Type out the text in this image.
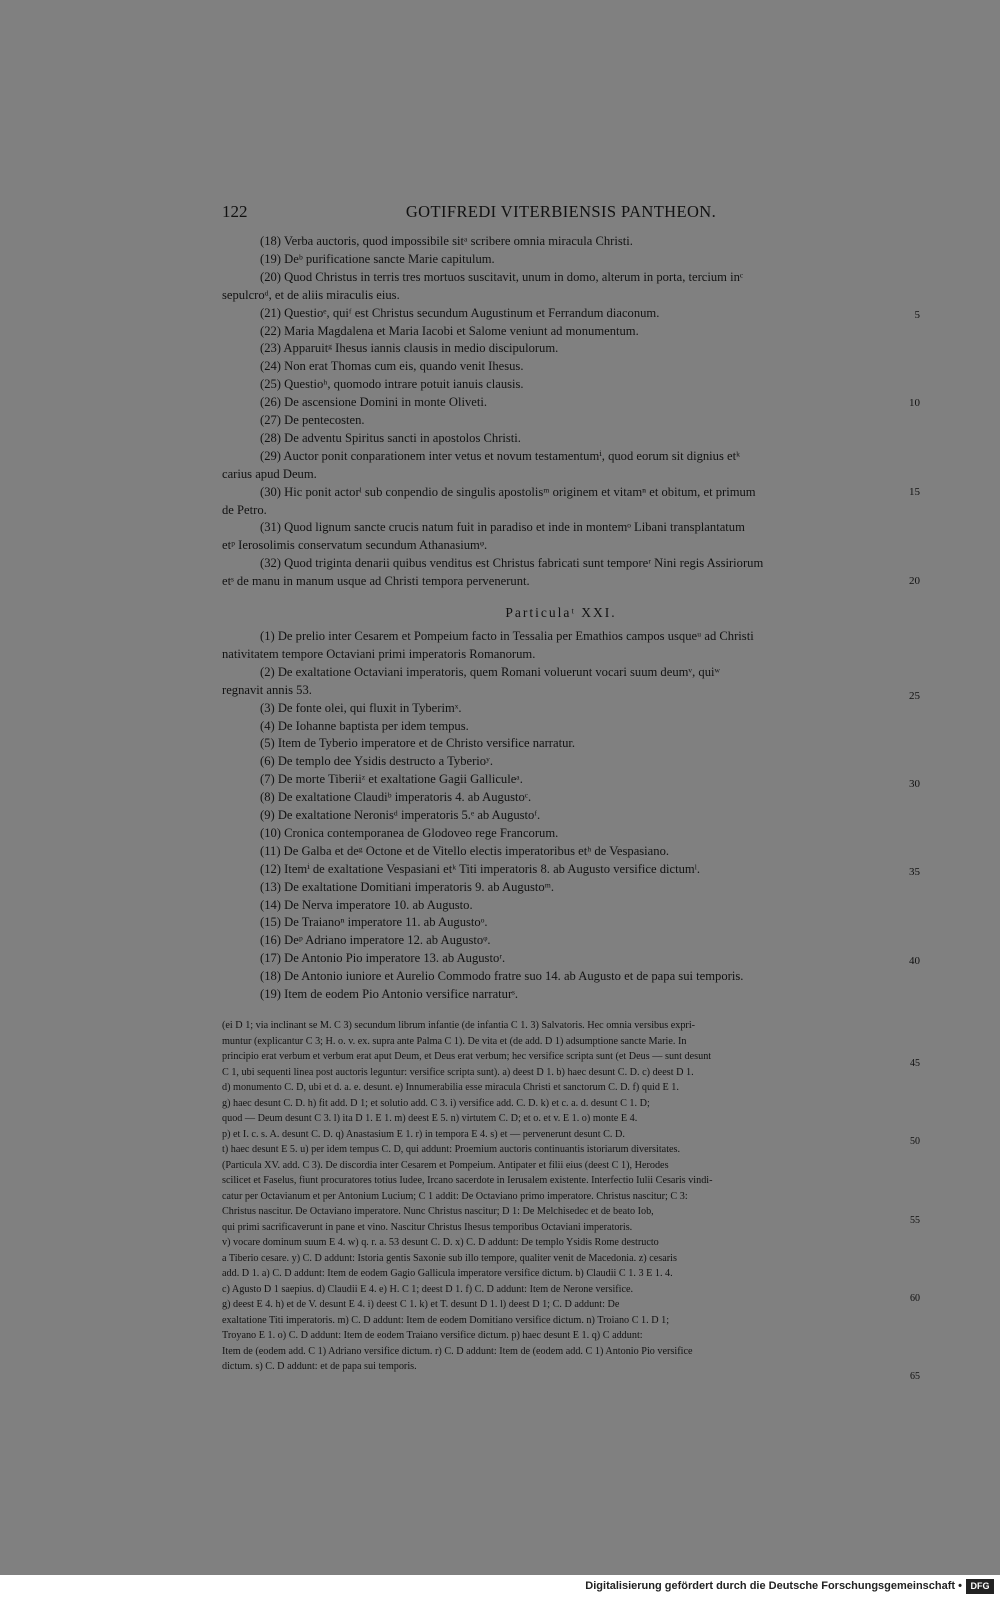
122	GOTIFREDI VITERBIENSIS PANTHEON.
(18) Verba auctoris, quod impossibile sitᵃ scribere omnia miracula Christi.
(19) Deᵇ purificatione sancte Marie capitulum.
(20) Quod Christus in terris tres mortuos suscitavit, unum in domo, alterum in porta, tercium inᶜ
sepulcroᵈ, et de aliis miraculis eius.
(21) Questioᵉ, quiᶠ est Christus secundum Augustinum et Ferrandum diaconum.
(22) Maria Magdalena et Maria Iacobi et Salome veniunt ad monumentum.
(23) Apparuitᵍ Ihesus iannis clausis in medio discipulorum.
(24) Non erat Thomas cum eis, quando venit Ihesus.
(25) Questioʰ, quomodo intrare potuit ianuis clausis.
(26) De ascensione Domini in monte Oliveti.
(27) De pentecosten.
(28) De adventu Spiritus sancti in apostolos Christi.
(29) Auctor ponit conparationem inter vetus et novum testamentumⁱ, quod eorum sit dignius etᵏ
carius apud Deum.
(30) Hic ponit actorˡ sub conpendio de singulis apostolisᵐ originem et vitamⁿ et obitum, et primum
de Petro.
(31) Quod lignum sancte crucis natum fuit in paradiso et inde in montemᵒ Libani transplantatum
etᵖ Ierosolimis conservatum secundum Athanasiumᵠ.
(32) Quod triginta denarii quibus venditus est Christus fabricati sunt temporeʳ Nini regis Assiriorum
etˢ de manu in manum usque ad Christi tempora pervenerunt.
Particulaᵗ XXI.
(1) De prelio inter Cesarem et Pompeium facto in Tessalia per Emathios campos usqueᵘ ad Christi
nativitatem tempore Octaviani primi imperatoris Romanorum.
(2) De exaltatione Octaviani imperatoris, quem Romani voluerunt vocari suum deumᵛ, quiʷ
regnavit annis 53.
(3) De fonte olei, qui fluxit in Tyberimˣ.
(4) De Iohanne baptista per idem tempus.
(5) Item de Tyberio imperatore et de Christo versifice narratur.
(6) De templo dee Ysidis destructo a Tyberioʸ.
(7) De morte Tiberiiᶻ et exaltatione Gagii Galliculeᵃ.
(8) De exaltatione Claudiᵇ imperatoris 4. ab Augustoᶜ.
(9) De exaltatione Neronisᵈ imperatoris 5.ᵉ ab Augustoᶠ.
(10) Cronica contemporanea de Glodoveo rege Francorum.
(11) De Galba et deᵍ Octone et de Vitello electis imperatoribus etʰ de Vespasiano.
(12) Itemⁱ de exaltatione Vespasiani etᵏ Titi imperatoris 8. ab Augusto versifice dictumˡ.
(13) De exaltatione Domitiani imperatoris 9. ab Augustoᵐ.
(14) De Nerva imperatore 10. ab Augusto.
(15) De Traianoⁿ imperatore 11. ab Augustoᵒ.
(16) Deᵖ Adriano imperatore 12. ab Augustoᵠ.
(17) De Antonio Pio imperatore 13. ab Augustoʳ.
(18) De Antonio iuniore et Aurelio Commodo fratre suo 14. ab Augusto et de papa sui temporis.
(19) Item de eodem Pio Antonio versifice narraturˢ.
(ei D 1; via inclinant se M. C 3) secundum librum infantie (de infantia C 1. 3) Salvatoris. Hec omnia versibus expri-
muntur (explicantur C 3; H. o. v. ex. supra ante Palma C 1). De vita et (de add. D 1) adsumptione sancte Marie. In
principio erat verbum et verbum erat aput Deum, et Deus erat verbum; hec versifice scripta sunt (et Deus — sunt desunt
C 1, ubi sequenti linea post auctoris leguntur: versifice scripta sunt). a) deest D 1. b) haec desunt C. D. c) deest D 1.
d) monumento C. D, ubi et d. a. e. desunt. e) Innumerabilia esse miracula Christi et sanctorum C. D. f) quid E 1.
g) haec desunt C. D. h) fit add. D 1; et solutio add. C 3. i) versifice add. C. D. k) et c. a. d. desunt C 1. D;
quod — Deum desunt C 3. l) ita D 1. E 1. m) deest E 5. n) virtutem C. D; et o. et v. E 1. o) monte E 4.
p) et I. c. s. A. desunt C. D. q) Anastasium E 1. r) in tempora E 4. s) et — pervenerunt desunt C. D.
t) haec desunt E 5. u) per idem tempus C. D, qui addunt: Proemium auctoris continuantis istoriarum diversitates.
(Particula XV. add. C 3). De discordia inter Cesarem et Pompeium. Antipater et filii eius (deest C 1), Herodes
scilicet et Faselus, fiunt procuratores totius Iudee, Ircano sacerdote in Ierusalem existente. Interfectio Iulii Cesaris vindi-
catur per Octavianum et per Antonium Lucium; C 1 addit: De Octaviano primo imperatore. Christus nascitur; C 3:
Christus nascitur. De Octaviano imperatore. Nunc Christus nascitur; D 1: De Melchisedec et de beato Iob,
qui primi sacrificaverunt in pane et vino. Nascitur Christus Ihesus temporibus Octaviani imperatoris.
v) vocare dominum suum E 4. w) q. r. a. 53 desunt C. D. x) C. D addunt: De templo Ysidis Rome destructo
a Tiberio cesare. y) C. D addunt: Istoria gentis Saxonie sub illo tempore, qualiter venit de Macedonia. z) cesaris
add. D 1. a) C. D addunt: Item de eodem Gagio Gallicula imperatore versifice dictum. b) Claudii C 1. 3 E 1. 4.
c) Agusto D 1 saepius. d) Claudii E 4. e) H. C 1; deest D 1. f) C. D addunt: Item de Nerone versifice.
g) deest E 4. h) et de V. desunt E 4. i) deest C 1. k) et T. desunt D 1. l) deest D 1; C. D addunt: De
exaltatione Titi imperatoris. m) C. D addunt: Item de eodem Domitiano versifice dictum. n) Troiano C 1. D 1;
Troyano E 1. o) C. D addunt: Item de eodem Traiano versifice dictum. p) haec desunt E 1. q) C addunt:
Item de (eodem add. C 1) Adriano versifice dictum. r) C. D addunt: Item de (eodem add. C 1) Antonio Pio versifice
dictum. s) C. D addunt: et de papa sui temporis.
5
10
15
20
25
30
35
40
45
50
55
60
65
Digitalisierung gefördert durch die Deutsche Forschungsgemeinschaft • DFG
